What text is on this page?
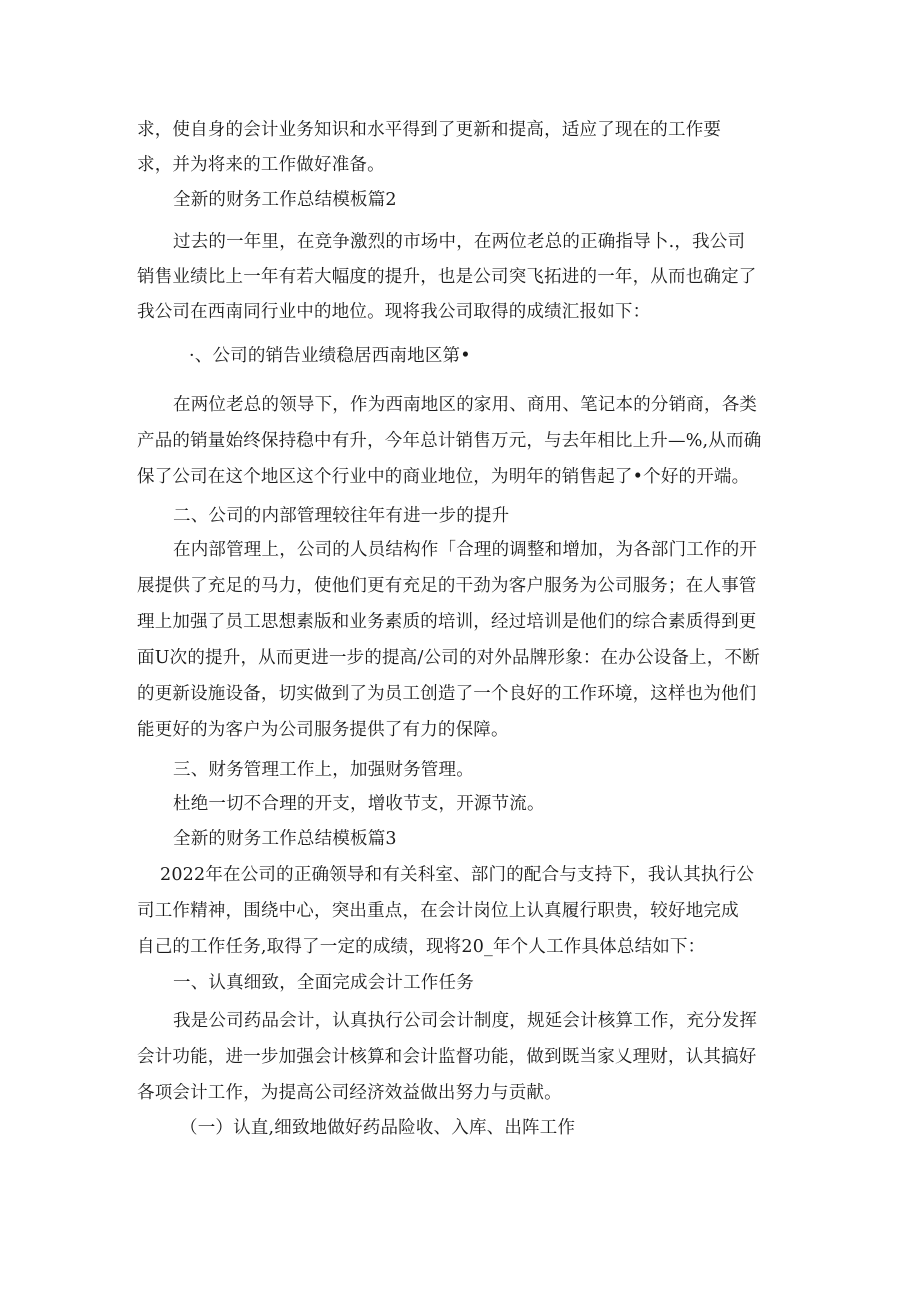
求，使自身的会计业务知识和水平得到了更新和提高，适应了现在的工作要
求，并为将来的工作做好准备。
全新的财务工作总结模板篇2
过去的一年里，在竞争激烈的市场中，在两位老总的正确指导卜.，我公司
销售业绩比上一年有若大幅度的提升，也是公司突飞拓进的一年，从而也确定了
我公司在西南同行业中的地位。现将我公司取得的成绩汇报如下：
·、公司的销告业绩稳居西南地区第•
在两位老总的领导下，作为西南地区的家用、商用、笔记本的分销商，各类
产品的销量始终保持稳中有升，今年总计销售万元，与去年相比上升—%,从而确
保了公司在这个地区这个行业中的商业地位，为明年的销售起了•个好的开端。
二、公司的内部管理较往年有进一步的提升
在内部管理上，公司的人员结构作「合理的调整和增加，为各部门工作的开
展提供了充足的马力，使他们更有充足的干劲为客户服务为公司服务；在人事管
理上加强了员工思想素版和业务素质的培训，经过培训是他们的综合素质得到更
面U次的提升，从而更进一步的提高/公司的对外品牌形象：在办公设备上，不断
的更新设施设备，切实做到了为员工创造了一个良好的工作环境，这样也为他们
能更好的为客户为公司服务提供了有力的保障。
三、财务管理工作上，加强财务管理。
杜绝一切不合理的开支，增收节支，开源节流。
全新的财务工作总结模板篇3
2022年在公司的正确领导和有关科室、部门的配合与支持下，我认其执行公
司工作精神，围绕中心，突出重点，在会计岗位上认真履行职贵，较好地完成
自己的工作任务,取得了一定的成绩，现将20_年个人工作具体总结如下：
一、认真细致，全面完成会计工作任务
我是公司药品会计，认真执行公司会计制度，规延会计核算工作，充分发挥
会计功能，进一步加强会计核算和会计监督功能，做到既当家乂理财，认其搞好
各项会计工作，为提高公司经济效益做出努力与贡献。
（一）认直,细致地做好药品险收、入库、出阵工作
